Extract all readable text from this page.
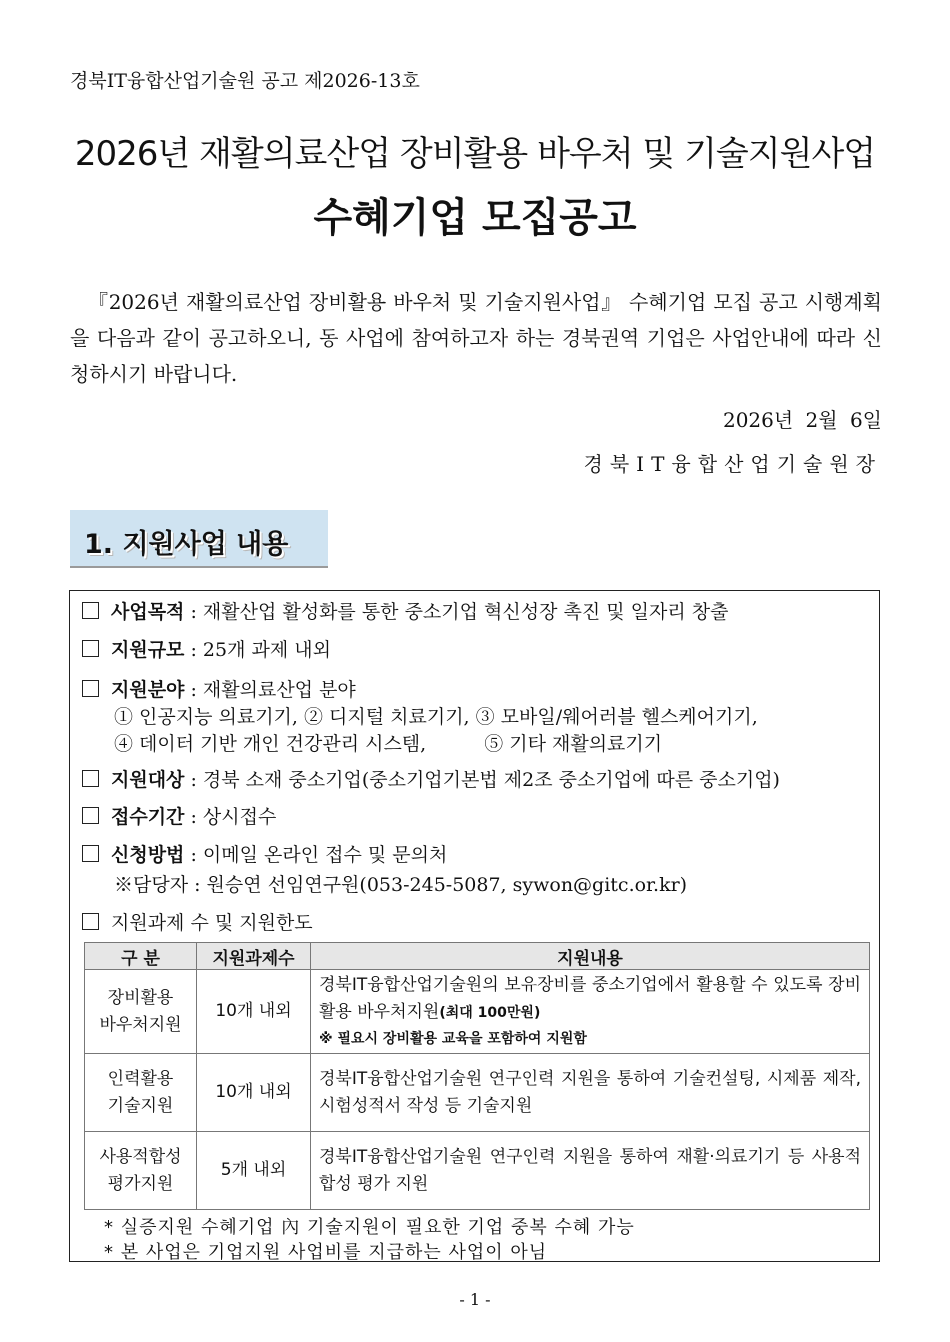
경북IT융합산업기술원 공고 제2026-13호
2026년 재활의료산업 장비활용 바우처 및 기술지원사업
수혜기업 모집공고

『2026년 재활의료산업 장비활용 바우처 및 기술지원사업』 수혜기업 모집 공고 시행계획을 다음과 같이 공고하오니, 동 사업에 참여하고자 하는 경북권역 기업은 사업안내에 따라 신청하시기 바랍니다.

2026년 2월 6일
경북IT융합산업기술원장
1. 지원사업 내용
사업목적 : 재활산업 활성화를 통한 중소기업 혁신성장 촉진 및 일자리 창출
지원규모 : 25개 과제 내외
지원분야 : 재활의료산업 분야
① 인공지능 의료기기, ② 디지털 치료기기, ③ 모바일/웨어러블 헬스케어기기,
④ 데이터 기반 개인 건강관리 시스템,	⑤ 기타 재활의료기기
지원대상 : 경북 소재 중소기업(중소기업기본법 제2조 중소기업에 따른 중소기업)
접수기간 : 상시접수
신청방법 : 이메일 온라인 접수 및 문의처
※담당자 : 원승연 선임연구원(053-245-5087, sywon@gitc.or.kr)
지원과제 수 및 지원한도
구 분	지원과제수	지원내용
장비활용
바우처지원	10개 내외	경북IT융합산업기술원의 보유장비를 중소기업에서 활용할 수 있도록 장비활용 바우처지원(최대 100만원)
※ 필요시 장비활용 교육을 포함하여 지원함

인력활용
기술지원	10개 내외	경북IT융합산업기술원 연구인력 지원을 통하여 기술컨설팅, 시제품 제작, 시험성적서 작성 등 기술지원
사용적합성
평가지원	5개 내외	경북IT융합산업기술원 연구인력 지원을 통하여 재활·의료기기 등 사용적합성 평가 지원
* 실증지원 수혜기업 內 기술지원이 필요한 기업 중복 수혜 가능
* 본 사업은 기업지원 사업비를 지급하는 사업이 아님
- 1 -
